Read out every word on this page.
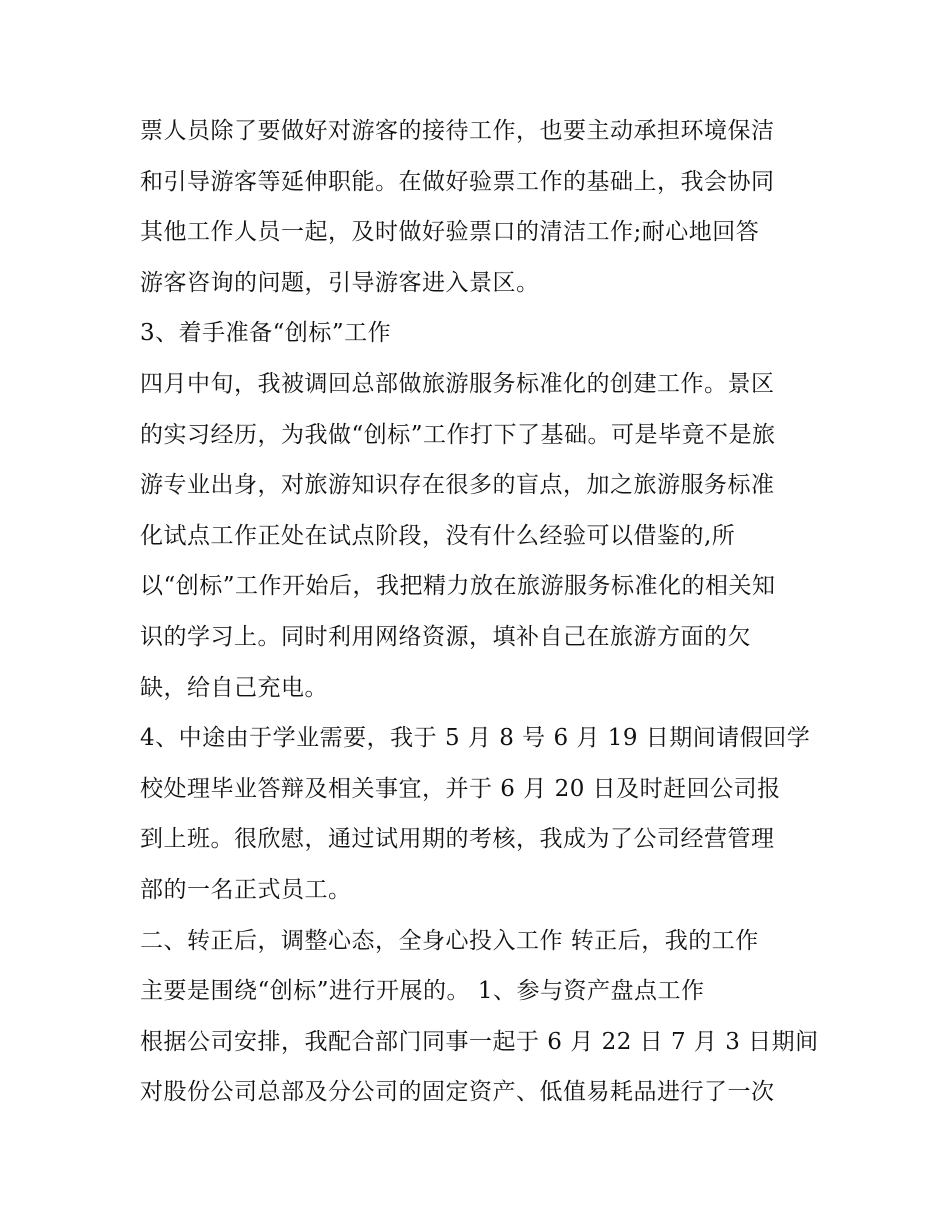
票人员除了要做好对游客的接待工作，也要主动承担环境保洁
和引导游客等延伸职能。在做好验票工作的基础上，我会协同
其他工作人员一起，及时做好验票口的清洁工作;耐心地回答
游客咨询的问题，引导游客进入景区。
3、着手准备“创标”工作
四月中旬，我被调回总部做旅游服务标准化的创建工作。景区
的实习经历，为我做“创标”工作打下了基础。可是毕竟不是旅
游专业出身，对旅游知识存在很多的盲点，加之旅游服务标准
化试点工作正处在试点阶段，没有什么经验可以借鉴的,所
以“创标”工作开始后，我把精力放在旅游服务标准化的相关知
识的学习上。同时利用网络资源，填补自己在旅游方面的欠
缺，给自己充电。
4、中途由于学业需要，我于 5 月 8 号 6 月 19 日期间请假回学
校处理毕业答辩及相关事宜，并于 6 月 20 日及时赶回公司报
到上班。很欣慰，通过试用期的考核，我成为了公司经营管理
部的一名正式员工。
二、转正后，调整心态，全身心投入工作 转正后，我的工作
主要是围绕“创标”进行开展的。 1、参与资产盘点工作
根据公司安排，我配合部门同事一起于 6 月 22 日 7 月 3 日期间
对股份公司总部及分公司的固定资产、低值易耗品进行了一次
